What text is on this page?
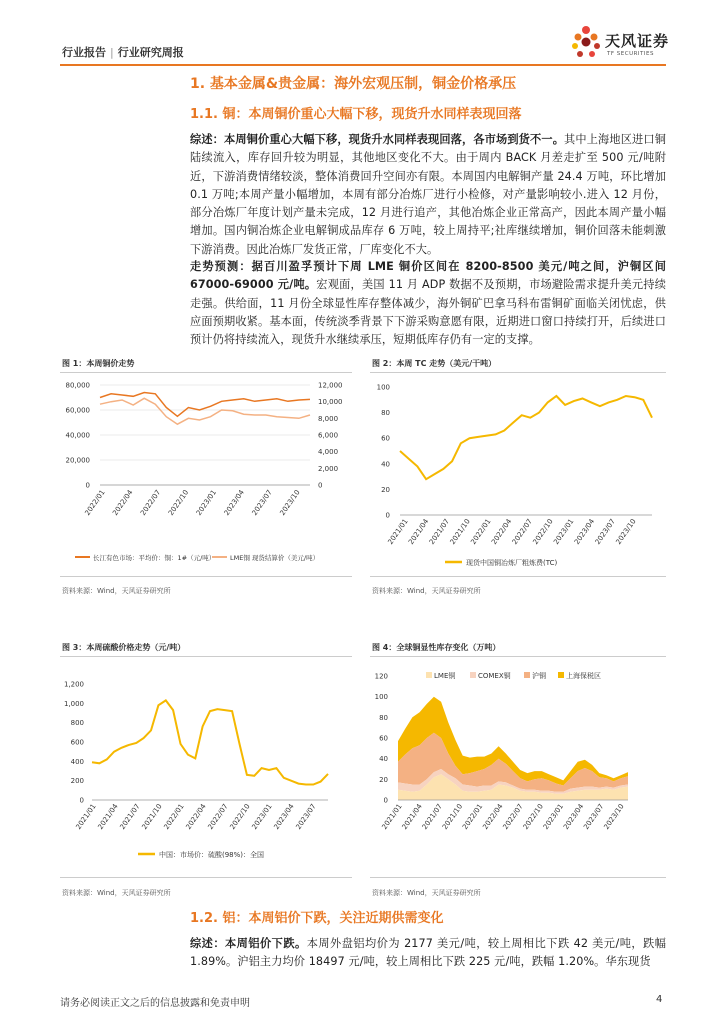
行业报告 | 行业研究周报
天风证券
TF SECURITIES
1. 基本金属&贵金属：海外宏观压制，铜金价格承压
1.1. 铜：本周铜价重心大幅下移，现货升水同样表现回落
综述：本周铜价重心大幅下移，现货升水同样表现回落，各市场到货不一。其中上海地区进口铜陆续流入，库存回升较为明显，其他地区变化不大。由于周内 BACK 月差走扩至 500 元/吨附近，下游消费情绪较淡，整体消费回升空间亦有限。本周国内电解铜产量 24.4 万吨，环比增加 0.1 万吨;本周产量小幅增加，本周有部分冶炼厂进行小检修，对产量影响较小.进入 12 月份，部分冶炼厂年度计划产量未完成，12 月进行追产，其他冶炼企业正常高产，因此本周产量小幅增加。国内铜冶炼企业电解铜成品库存 6 万吨，较上周持平;社库继续增加，铜价回落未能刺激下游消费。因此冶炼厂发货正常，厂库变化不大。
走势预测：据百川盈孚预计下周 LME 铜价区间在 8200-8500 美元/吨之间，沪铜区间 67000-69000 元/吨。宏观面，美国 11 月 ADP 数据不及预期，市场避险需求提升美元持续走强。供给面，11 月份全球显性库存整体减少，海外铜矿巴拿马科布雷铜矿面临关闭忧虑，供应面预期收紧。基本面，传统淡季背景下下游采购意愿有限，近期进口窗口持续打开，后续进口预计仍将持续流入，现货升水继续承压，短期低库存仍有一定的支撑。
图 1：本周铜价走势
0
20,000
40,000
60,000
80,000
0
2,000
4,000
6,000
8,000
10,000
12,000
2022/01 2022/04 2022/07 2022/10 2023/01 2023/04 2023/07 2023/10
长江有色市场：平均价：铜：1#（元/吨） LME铜 现货结算价（美元/吨）
资料来源：Wind，天风证券研究所
图 2：本周 TC 走势（美元/干吨）
0
20
40
60
80
100
2021/01
2021/04
2021/07
2021/10
2022/01
2022/04
2022/07
2022/10
2023/01
2023/04
2023/07
2023/10
现货中国铜冶炼厂粗炼费(TC)
资料来源：Wind，天风证券研究所
图 3：本周硫酸价格走势（元/吨）
0
200
400
600
800
1,000
1,200
2021/01
2021/04
2021/07
2021/10
2022/01
2022/04
2022/07
2022/10
2023/01
2023/04
2023/07
中国：市场价：硫酸(98%)：全国
资料来源：Wind，天风证券研究所
图 4：全球铜显性库存变化（万吨）
0
20
40
60
80
100
120
2021/01
2021/04
2021/07
2021/10
2022/01
2022/04
2022/07
2022/10
2023/01
2023/04
2023/07
2023/10
LME铜	COMEX铜	沪铜	上海保税区
资料来源：Wind，天风证券研究所
1.2. 铝：本周铝价下跌，关注近期供需变化
综述：本周铝价下跌。本周外盘铝均价为 2177 美元/吨，较上周相比下跌 42 美元/吨，跌幅 1.89%。沪铝主力均价 18497 元/吨，较上周相比下跌 225 元/吨，跌幅 1.20%。华东现货
请务必阅读正文之后的信息披露和免责申明	4
